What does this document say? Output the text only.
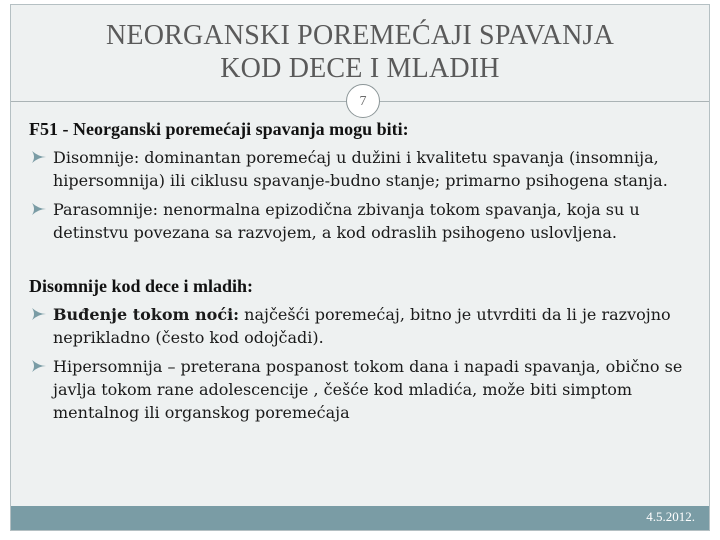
NEORGANSKI POREMEĆAJI SPAVANJA
KOD DECE I MLADIH
7
F51 - Neorganski poremećaji spavanja mogu biti:
Disomnije: dominantan poremećaj u dužini i kvalitetu spavanja (insomnija, hipersomnija) ili ciklusu spavanje-budno stanje; primarno psihogena stanja.
Parasomnije: nenormalna epizodična zbivanja tokom spavanja, koja su u detinstvu povezana sa razvojem, a kod odraslih psihogeno uslovljena.
Disomnije kod dece i mladih:
Buđenje tokom noći: najčešći poremećaj, bitno je utvrditi da li je razvojno neprikladno (često kod odojčadi).
Hipersomnija – preterana pospanost tokom dana i napadi spavanja, obično se javlja tokom rane adolescencije , češće kod mladića, može biti simptom mentalnog ili organskog poremećaja
4.5.2012.
